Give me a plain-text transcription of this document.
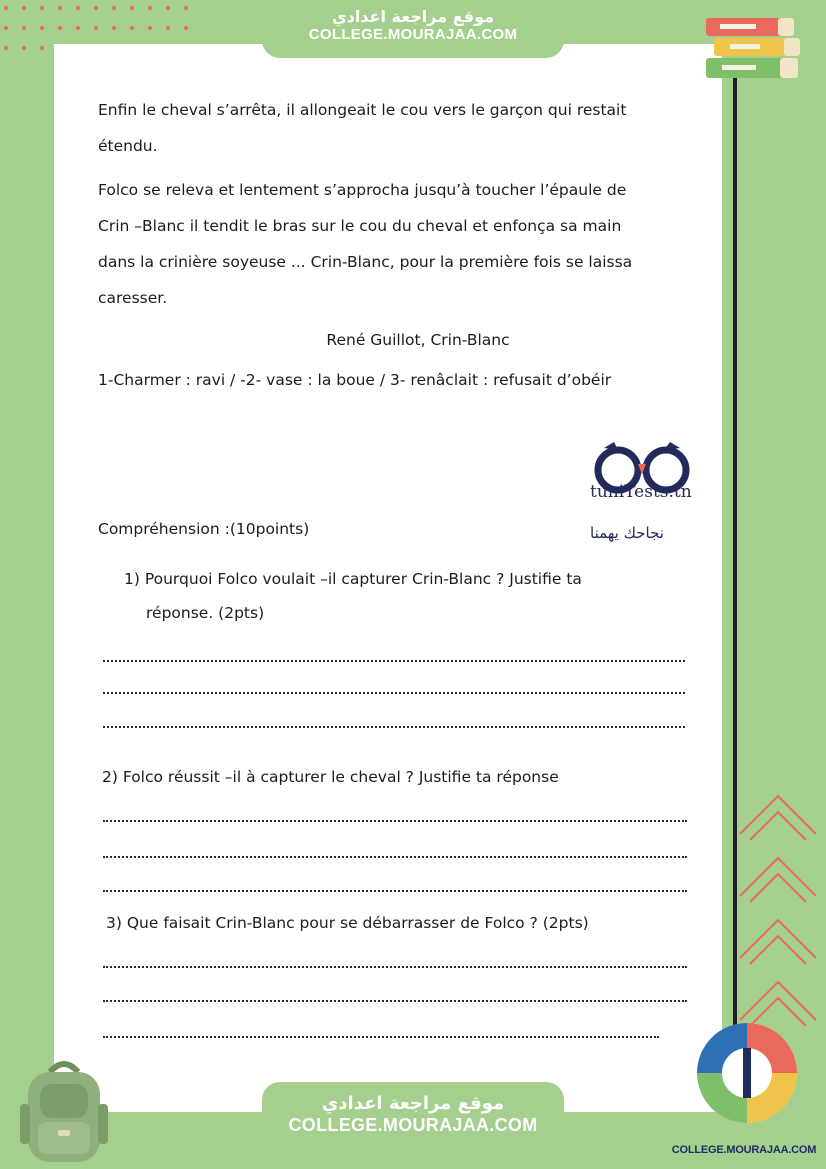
موقع مراجعة اعدادي
COLLEGE.MOURAJAA.COM

Enfin le cheval s’arrêta, il allongeait le cou vers le garçon qui restait

étendu.

Folco se releva et lentement s’approcha jusqu’à toucher l’épaule de

Crin –Blanc il tendit le bras sur le cou du cheval et enfonça sa main

dans la crinière soyeuse ... Crin-Blanc, pour la première fois se laissa

caresser.

René Guillot, Crin-Blanc

1-Charmer : ravi / -2- vase : la boue / 3- renâclait : refusait d’obéir

tuniTests.tn
نجاحك يهمنا
Compréhension :(10points)
1) Pourquoi Folco voulait –il capturer Crin-Blanc ? Justifie ta
réponse. (2pts)
2) Folco réussit –il à capturer le cheval ? Justifie ta réponse
3) Que faisait Crin-Blanc pour se débarrasser de Folco ? (2pts)
موقع مراجعة اعدادي
COLLEGE.MOURAJAA.COM
COLLEGE.MOURAJAA.COM
